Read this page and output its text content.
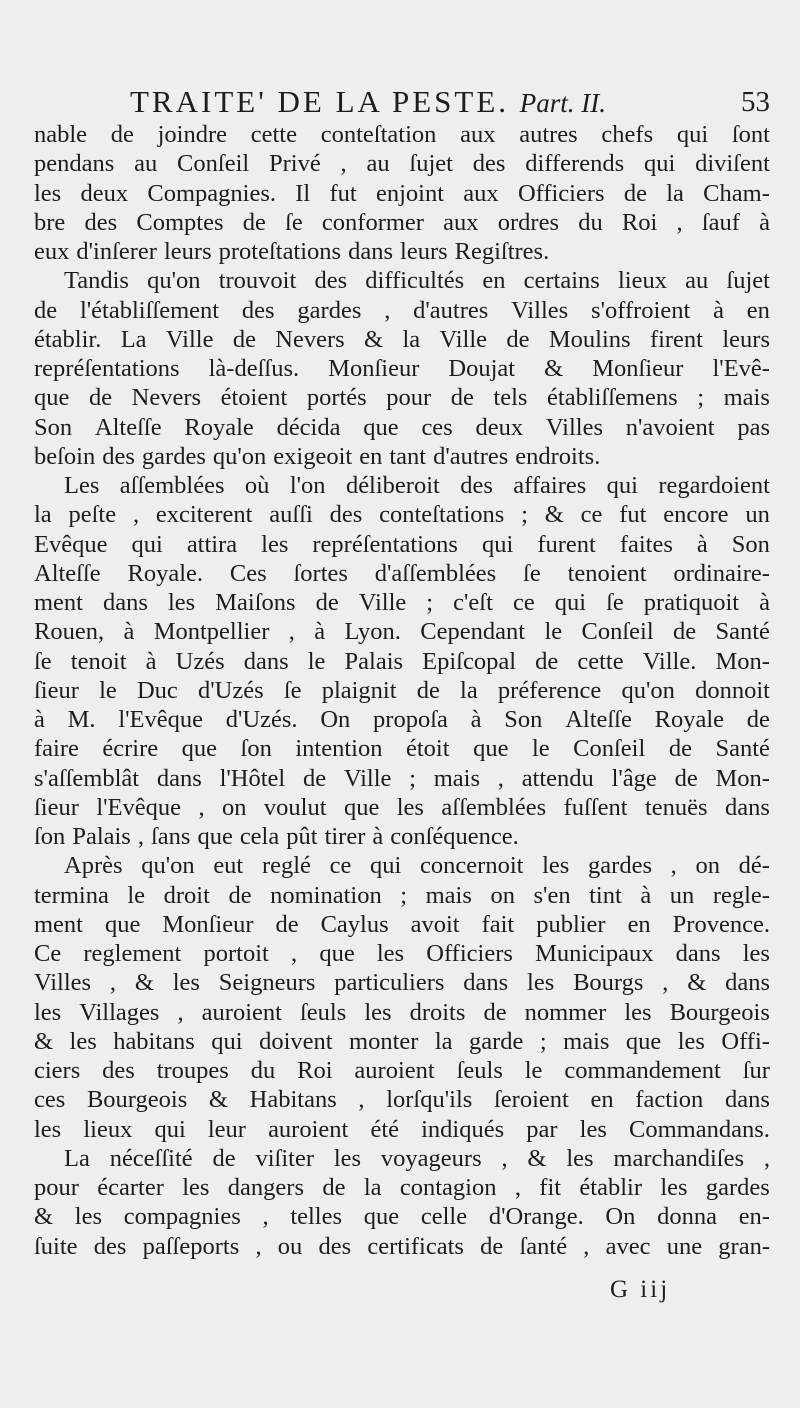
TRAITE' DE LA PESTE. Part. II.	53
nable de joindre cette conteſtation aux autres chefs qui ſont
pendans au Conſeil Privé , au ſujet des differends qui diviſent
les deux Compagnies. Il fut enjoint aux Officiers de la Cham-
bre des Comptes de ſe conformer aux ordres du Roi , ſauf à
eux d'inſerer leurs proteſtations dans leurs Regiſtres.
Tandis qu'on trouvoit des difficultés en certains lieux au ſujet
de l'établiſſement des gardes , d'autres Villes s'offroient à en
établir. La Ville de Nevers & la Ville de Moulins firent leurs
repréſentations là-deſſus. Monſieur Doujat & Monſieur l'Evê-
que de Nevers étoient portés pour de tels établiſſemens ; mais
Son Alteſſe Royale décida que ces deux Villes n'avoient pas
beſoin des gardes qu'on exigeoit en tant d'autres endroits.
Les aſſemblées où l'on déliberoit des affaires qui regardoient
la peſte , exciterent auſſi des conteſtations ; & ce fut encore un
Evêque qui attira les repréſentations qui furent faites à Son
Alteſſe Royale. Ces ſortes d'aſſemblées ſe tenoient ordinaire-
ment dans les Maiſons de Ville ; c'eſt ce qui ſe pratiquoit à
Rouen, à Montpellier , à Lyon. Cependant le Conſeil de Santé
ſe tenoit à Uzés dans le Palais Epiſcopal de cette Ville. Mon-
ſieur le Duc d'Uzés ſe plaignit de la préference qu'on donnoit
à M. l'Evêque d'Uzés. On propoſa à Son Alteſſe Royale de
faire écrire que ſon intention étoit que le Conſeil de Santé
s'aſſemblât dans l'Hôtel de Ville ; mais , attendu l'âge de Mon-
ſieur l'Evêque , on voulut que les aſſemblées fuſſent tenuës dans
ſon Palais , ſans que cela pût tirer à conſéquence.
Après qu'on eut reglé ce qui concernoit les gardes , on dé-
termina le droit de nomination ; mais on s'en tint à un regle-
ment que Monſieur de Caylus avoit fait publier en Provence.
Ce reglement portoit , que les Officiers Municipaux dans les
Villes , & les Seigneurs particuliers dans les Bourgs , & dans
les Villages , auroient ſeuls les droits de nommer les Bourgeois
& les habitans qui doivent monter la garde ; mais que les Offi-
ciers des troupes du Roi auroient ſeuls le commandement ſur
ces Bourgeois & Habitans , lorſqu'ils ſeroient en faction dans
les lieux qui leur auroient été indiqués par les Commandans.
La néceſſité de viſiter les voyageurs , & les marchandiſes ,
pour écarter les dangers de la contagion , fit établir les gardes
& les compagnies , telles que celle d'Orange. On donna en-
ſuite des paſſeports , ou des certificats de ſanté , avec une gran-
G iij
